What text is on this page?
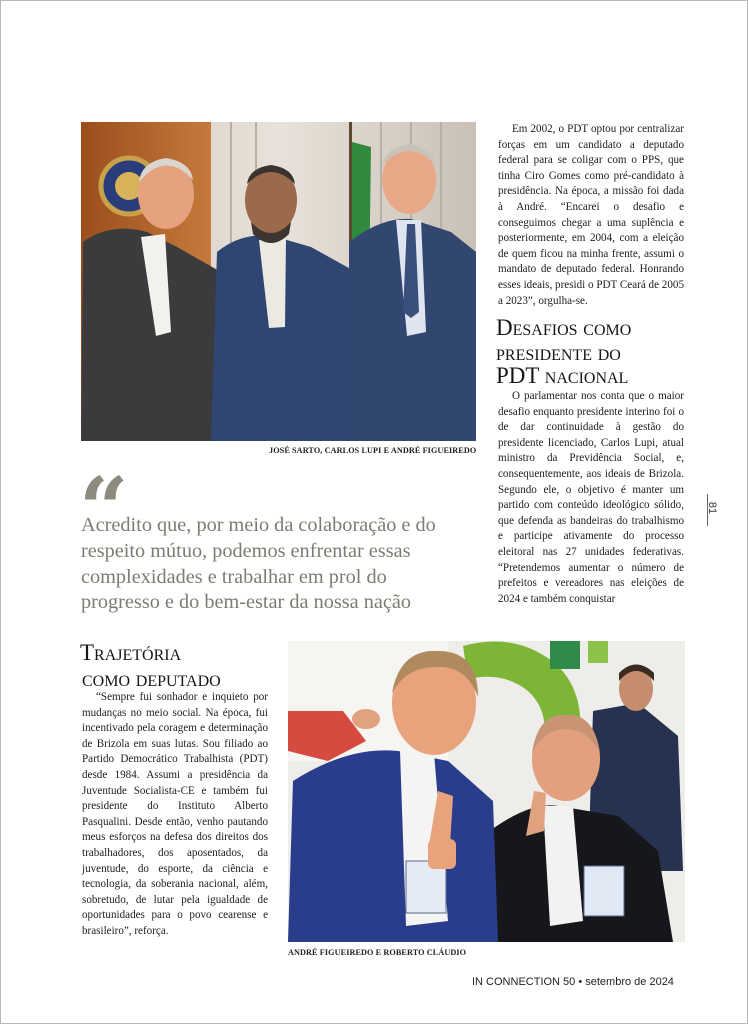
JOSÉ SARTO, CARLOS LUPI E ANDRÉ FIGUEIREDO

Em 2002, o PDT optou por centralizar forças em um candidato a deputado federal para se coligar com o PPS, que tinha Ciro Gomes como pré-candidato à presidência. Na época, a missão foi dada à André. “Encarei o desafio e conseguimos chegar a uma suplência e posteriormente, em 2004, com a eleição de quem ficou na minha frente, assumi o mandato de deputado federal. Honrando esses ideais, presidi o PDT Ceará de 2005 a 2023”, orgulha-se.

Desafios como
presidente do
PDT nacional

O parlamentar nos conta que o maior desafio enquanto presidente interino foi o de dar continuidade à gestão do presidente licenciado, Carlos Lupi, atual ministro da Previdência Social, e, consequentemente, aos ideais de Brizola. Segundo ele, o objetivo é manter um partido com conteúdo ideológico sólido, que defenda as bandeiras do trabalhismo e participe ativamente do processo eleitoral nas 27 unidades federativas. “Pretendemos aumentar o número de prefeitos e vereadores nas eleições de 2024 e também conquistar

“
Acredito que, por meio da colaboração e do respeito mútuo, podemos enfrentar essas complexidades e trabalhar em prol do progresso e do bem-estar da nossa nação
81
Trajetória
como deputado

“Sempre fui sonhador e inquieto por mudanças no meio social. Na época, fui incentivado pela coragem e determinação de Brizola em suas lutas. Sou filiado ao Partido Democrático Trabalhista (PDT) desde 1984. Assumi a presidência da Juventude Socialista-CE e também fui presidente do Instituto Alberto Pasqualini. Desde então, venho pautando meus esforços na defesa dos direitos dos trabalhadores, dos aposentados, da juventude, do esporte, da ciência e tecnologia, da soberania nacional, além, sobretudo, de lutar pela igualdade de oportunidades para o povo cearense e brasileiro”, reforça.

ANDRÉ FIGUEIREDO E ROBERTO CLÁUDIO
IN CONNECTION 50 • setembro de 2024
